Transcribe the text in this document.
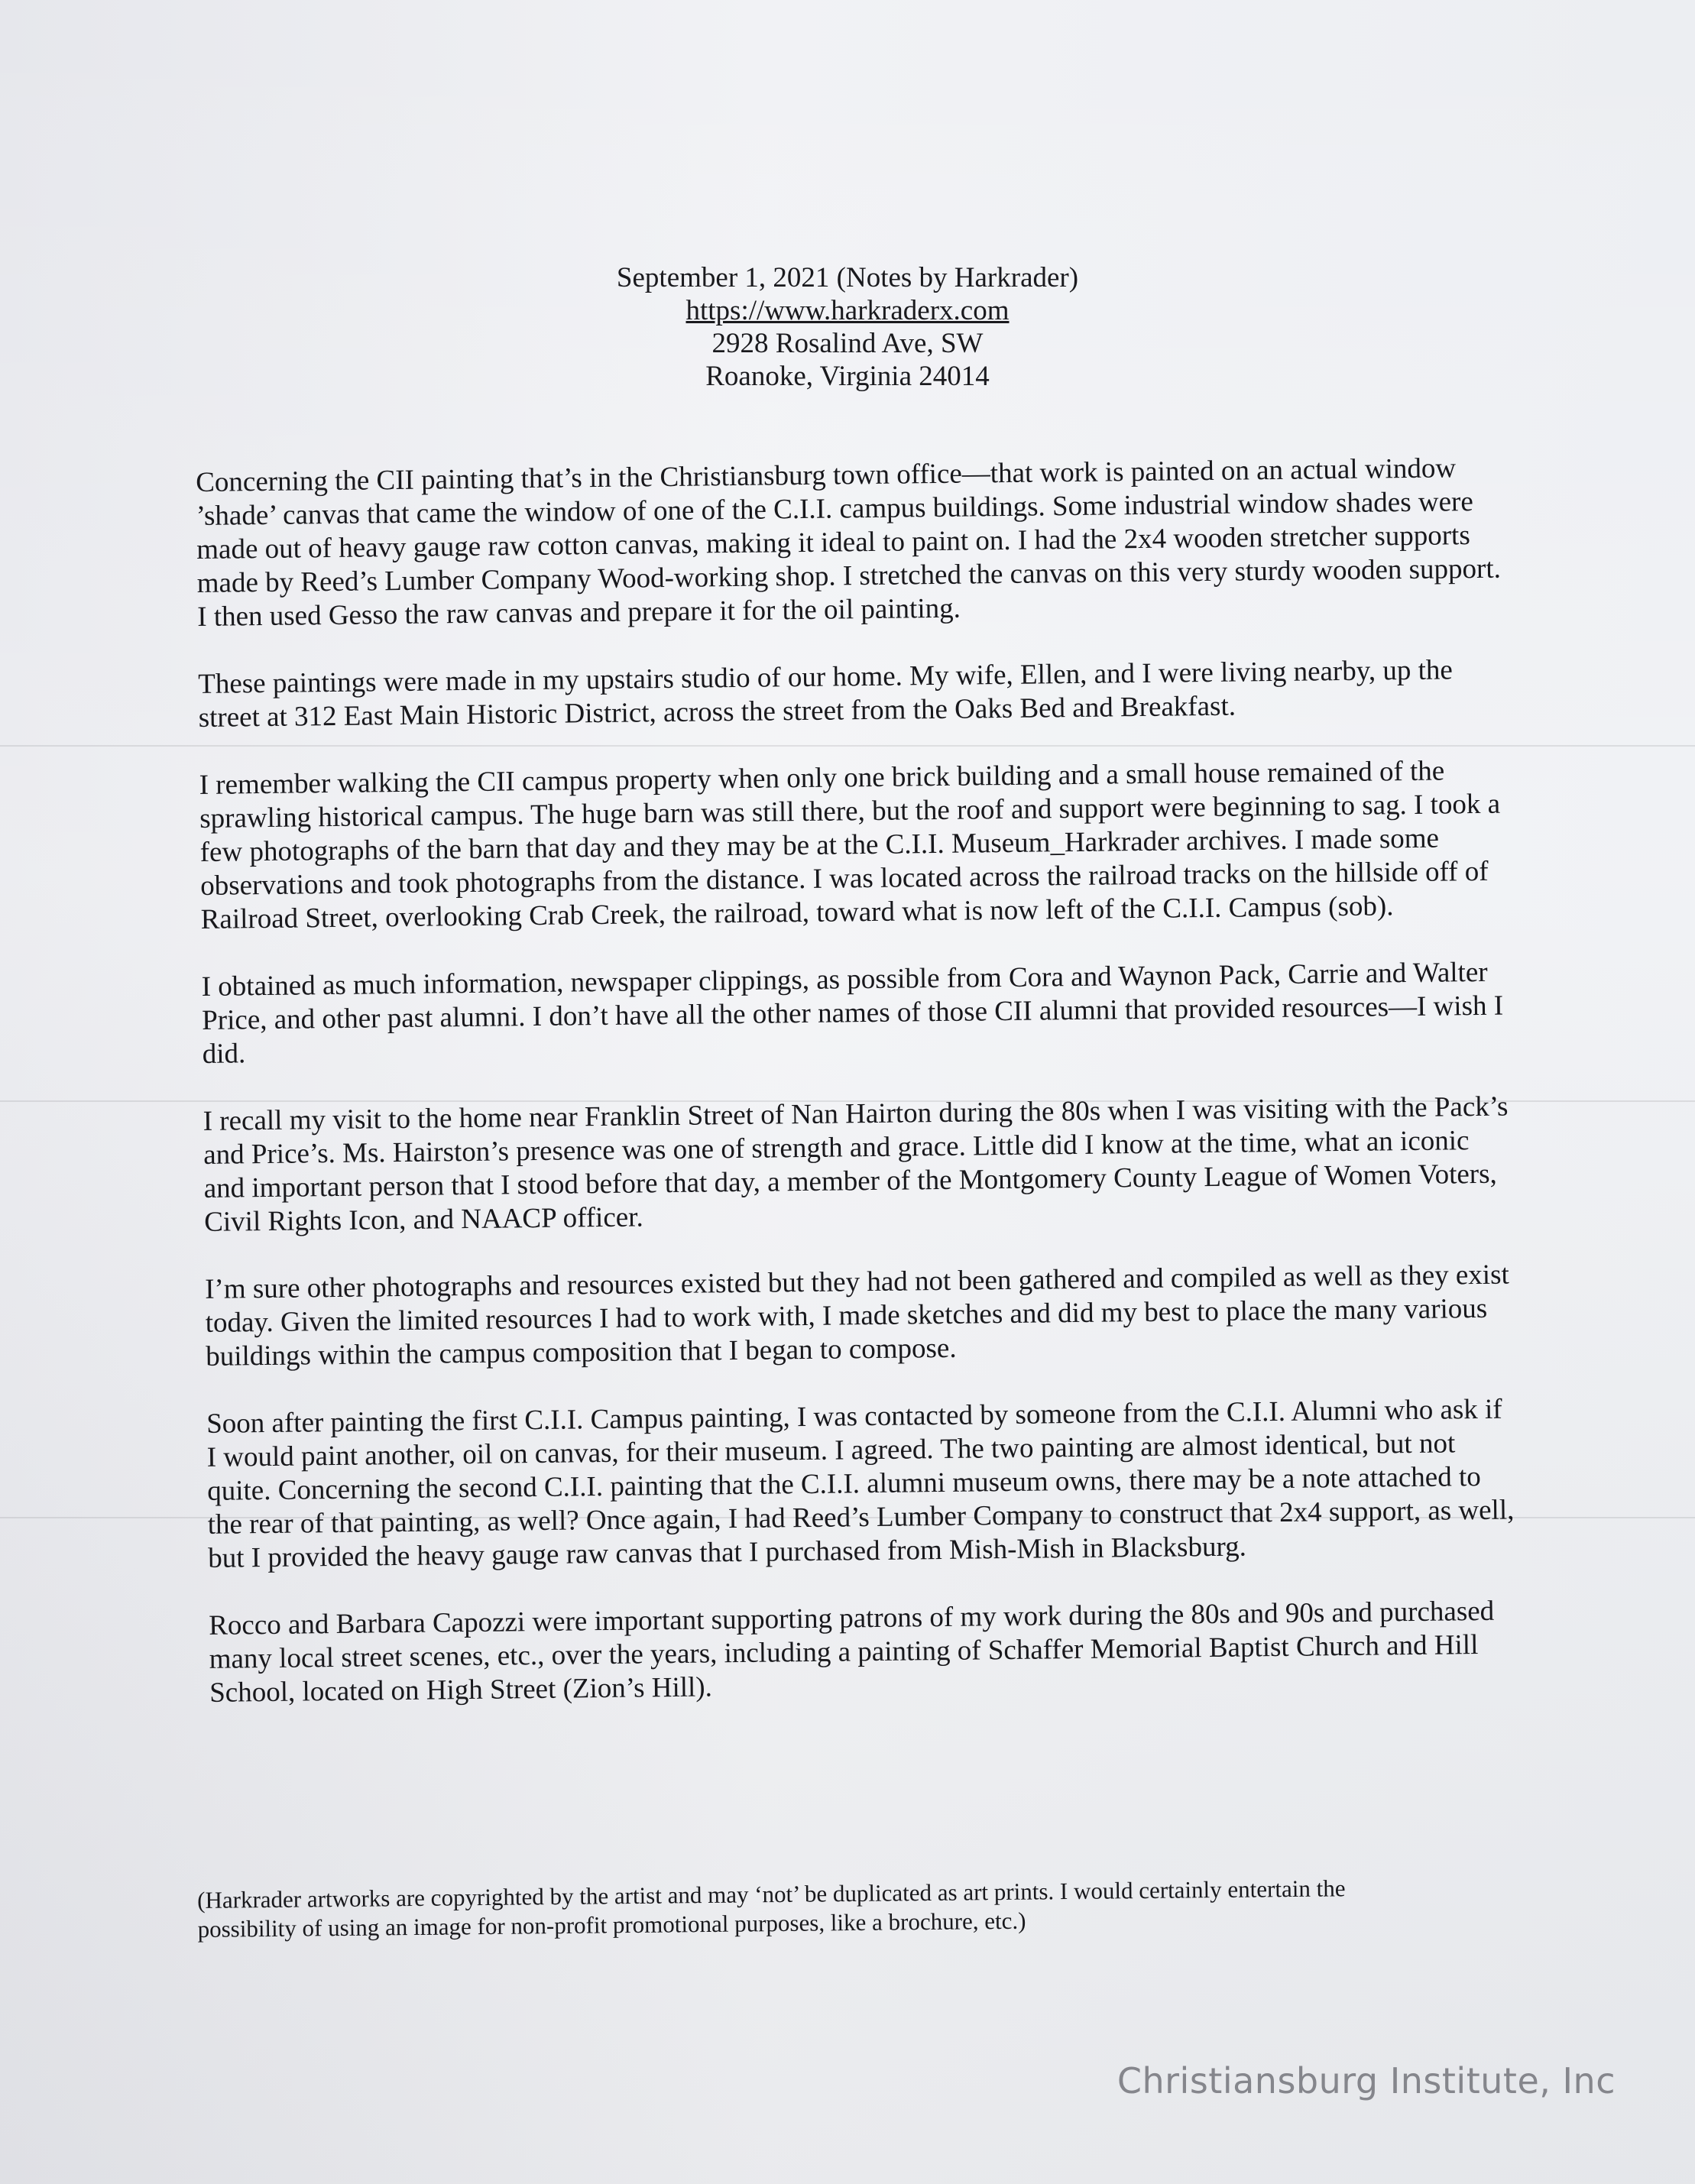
September 1, 2021 (Notes by Harkrader)
https://www.harkraderx.com
2928 Rosalind Ave, SW
Roanoke, Virginia 24014

Concerning the CII painting that’s in the Christiansburg town office—that work is painted on an actual window ’shade’ canvas that came the window of one of the C.I.I. campus buildings. Some industrial window shades were made out of heavy gauge raw cotton canvas, making it ideal to paint on. I had the 2x4 wooden stretcher supports made by Reed’s Lumber Company Wood-working shop. I stretched the canvas on this very sturdy wooden support. I then used Gesso the raw canvas and prepare it for the oil painting.

These paintings were made in my upstairs studio of our home. My wife, Ellen, and I were living nearby, up the street at 312 East Main Historic District, across the street from the Oaks Bed and Breakfast.

I remember walking the CII campus property when only one brick building and a small house remained of the sprawling historical campus. The huge barn was still there, but the roof and support were beginning to sag. I took a few photographs of the barn that day and they may be at the C.I.I. Museum_Harkrader archives. I made some observations and took photographs from the distance. I was located across the railroad tracks on the hillside off of Railroad Street, overlooking Crab Creek, the railroad, toward what is now left of the C.I.I. Campus (sob).

I obtained as much information, newspaper clippings, as possible from Cora and Waynon Pack, Carrie and Walter Price, and other past alumni. I don’t have all the other names of those CII alumni that provided resources—I wish I did.

I recall my visit to the home near Franklin Street of Nan Hairton during the 80s when I was visiting with the Pack’s and Price’s. Ms. Hairston’s presence was one of strength and grace. Little did I know at the time, what an iconic and important person that I stood before that day, a member of the Montgomery County League of Women Voters, Civil Rights Icon, and NAACP officer.

I’m sure other photographs and resources existed but they had not been gathered and compiled as well as they exist today. Given the limited resources I had to work with, I made sketches and did my best to place the many various buildings within the campus composition that I began to compose.

Soon after painting the first C.I.I. Campus painting, I was contacted by someone from the C.I.I. Alumni who ask if I would paint another, oil on canvas, for their museum. I agreed. The two painting are almost identical, but not quite. Concerning the second C.I.I. painting that the C.I.I. alumni museum owns, there may be a note attached to the rear of that painting, as well? Once again, I had Reed’s Lumber Company to construct that 2x4 support, as well, but I provided the heavy gauge raw canvas that I purchased from Mish-Mish in Blacksburg.

Rocco and Barbara Capozzi were important supporting patrons of my work during the 80s and 90s and purchased many local street scenes, etc., over the years, including a painting of Schaffer Memorial Baptist Church and Hill School, located on High Street (Zion’s Hill).

(Harkrader artworks are copyrighted by the artist and may ‘not’ be duplicated as art prints. I would certainly entertain the possibility of using an image for non-profit promotional purposes, like a brochure, etc.)
Christiansburg Institute, Inc
